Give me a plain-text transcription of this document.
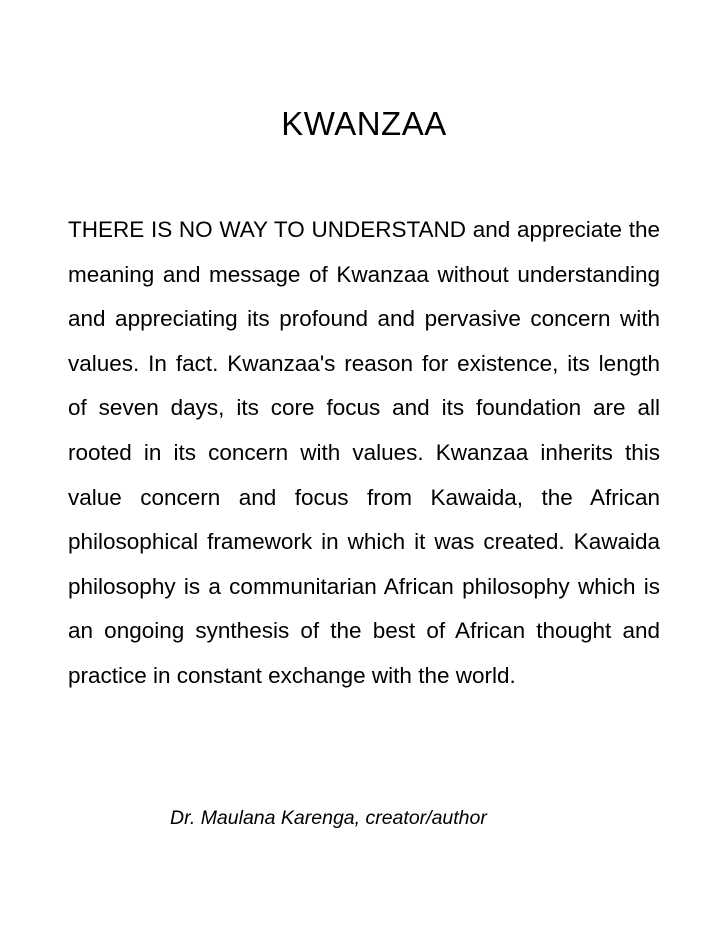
KWANZAA

THERE IS NO WAY TO UNDERSTAND and appreciate the meaning and message of Kwanzaa without understanding and appreciating its profound and pervasive concern with values. In fact. Kwanzaa's reason for existence, its length of seven days, its core focus and its foundation are all rooted in its concern with values. Kwanzaa inherits this value concern and focus from Kawaida, the African philosophical framework in which it was created. Kawaida philosophy is a communitarian African philosophy which is an ongoing synthesis of the best of African thought and practice in constant exchange with the world.

Dr. Maulana Karenga, creator/author
